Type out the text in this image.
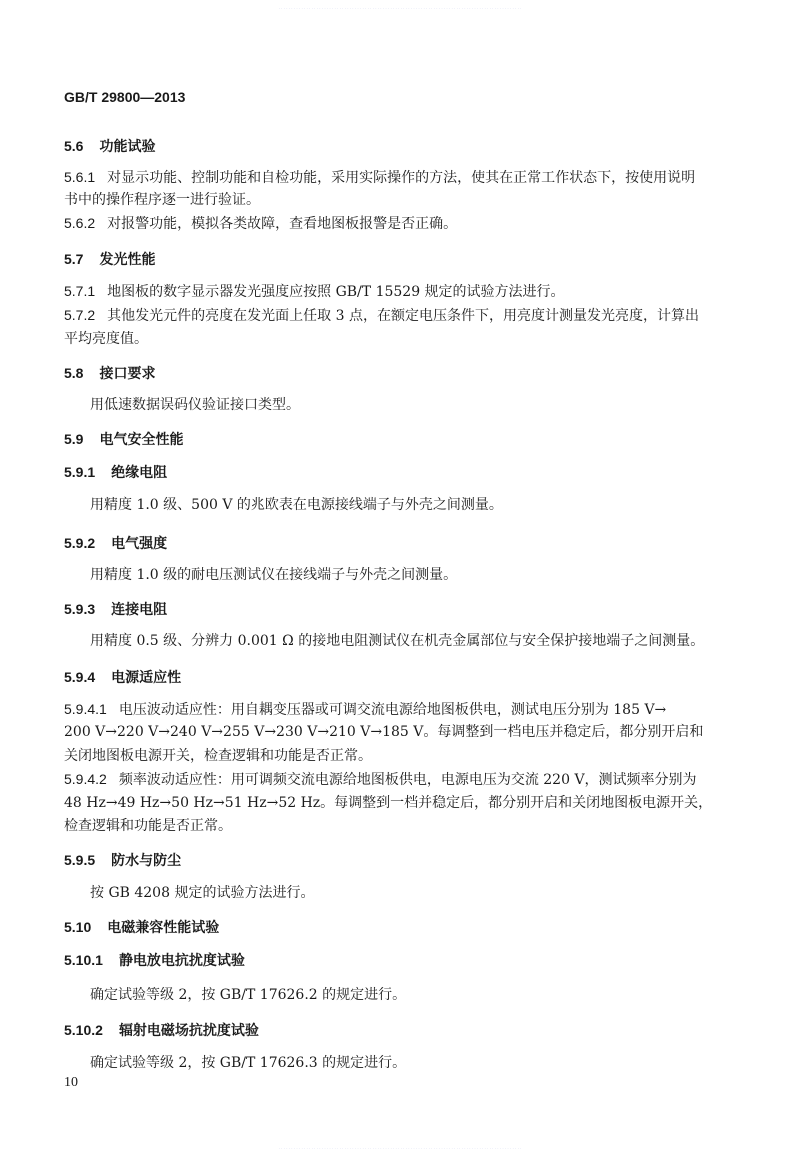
· · · · · · · · · · · · · · · · · · · · · · · · · · · · · · · · · · · · · · · · · · · · · · · · · · · · · · · · · · · · · · · · · · · · · · · · · · · · · · · · · · · · · · · · · · · · · · · ·
GB/T 29800—2013
5.6 功能试验
5.6.1 对显示功能、控制功能和自检功能，采用实际操作的方法，使其在正常工作状态下，按使用说明
书中的操作程序逐一进行验证。
5.6.2 对报警功能，模拟各类故障，查看地图板报警是否正确。
5.7 发光性能
5.7.1 地图板的数字显示器发光强度应按照 GB/T 15529 规定的试验方法进行。
5.7.2 其他发光元件的亮度在发光面上任取 3 点，在额定电压条件下，用亮度计测量发光亮度，计算出
平均亮度值。
5.8 接口要求
用低速数据误码仪验证接口类型。
5.9 电气安全性能
5.9.1 绝缘电阻
用精度 1.0 级、500 V 的兆欧表在电源接线端子与外壳之间测量。
5.9.2 电气强度
用精度 1.0 级的耐电压测试仪在接线端子与外壳之间测量。
5.9.3 连接电阻
用精度 0.5 级、分辨力 0.001 Ω 的接地电阻测试仪在机壳金属部位与安全保护接地端子之间测量。
5.9.4 电源适应性
5.9.4.1 电压波动适应性：用自耦变压器或可调交流电源给地图板供电，测试电压分别为 185 V→
200 V→220 V→240 V→255 V→230 V→210 V→185 V。每调整到一档电压并稳定后，都分别开启和
关闭地图板电源开关，检查逻辑和功能是否正常。
5.9.4.2 频率波动适应性：用可调频交流电源给地图板供电，电源电压为交流 220 V，测试频率分别为
48 Hz→49 Hz→50 Hz→51 Hz→52 Hz。每调整到一档并稳定后，都分别开启和关闭地图板电源开关，
检查逻辑和功能是否正常。
5.9.5 防水与防尘
按 GB 4208 规定的试验方法进行。
5.10 电磁兼容性能试验
5.10.1 静电放电抗扰度试验
确定试验等级 2，按 GB/T 17626.2 的规定进行。
5.10.2 辐射电磁场抗扰度试验
确定试验等级 2，按 GB/T 17626.3 的规定进行。
10
· · · · · · · · · · · · · · · · · · · · · · · · · · · · · · · · · · · · · · · · · · · · · · · · · · · · · · · · · · · · · · · · · · · · · · · · · · · · · · · · · · · · · · · · · · · · · · · ·
